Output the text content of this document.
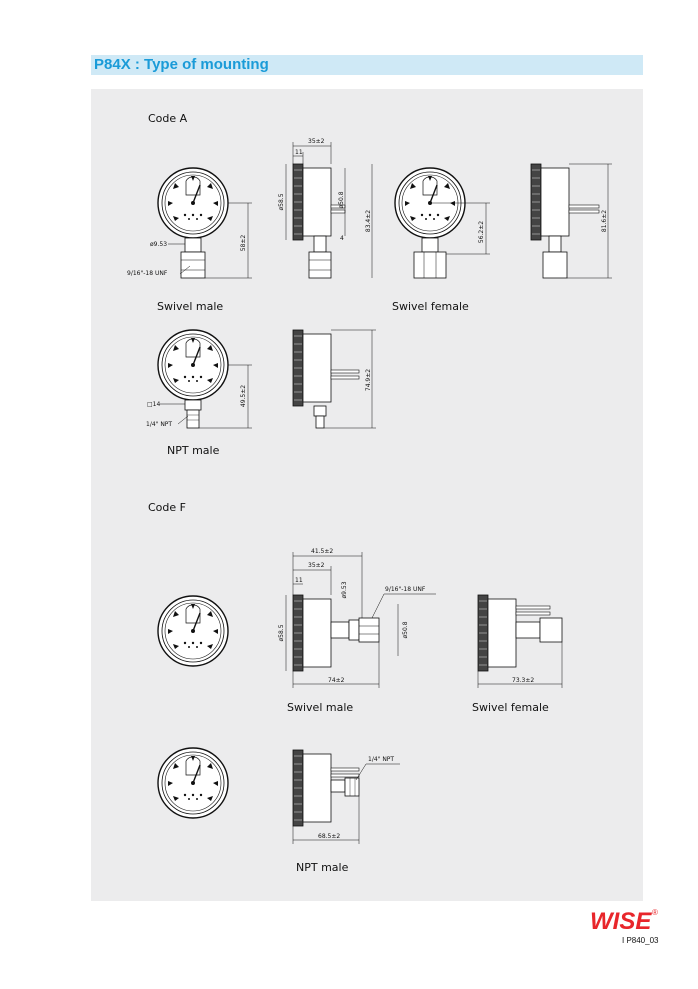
P84X : Type of mounting
Code A
Swivel male	Swivel female
NPT male
Code F
Swivel male	Swivel female
NPT male
ø9.53
9/16"-18 UNF
58±2
35±2
11
ø58.5	ø50.8
83.4±2
4	56.2±2	81.6±2
□14
1/4" NPT
49.5±2
74.9±2
41.5±2
35±2
11
ø9.53	9/16"-18 UNF
ø58.5	ø50.8
74±2	73.3±2
1/4" NPT
68.5±2
WISE ®
I P840_03
